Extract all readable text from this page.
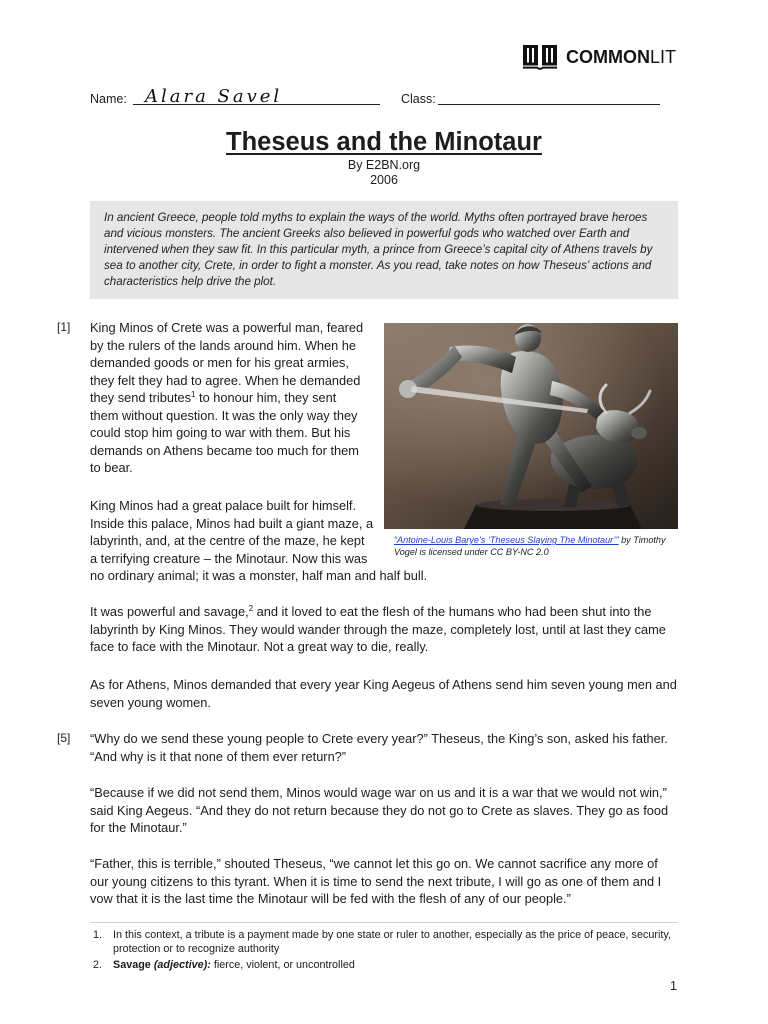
COMMONLIT
Name: Alara Savel	Class:
Theseus and the Minotaur
By E2BN.org
2006
In ancient Greece, people told myths to explain the ways of the world. Myths often portrayed brave heroes
and vicious monsters. The ancient Greeks also believed in powerful gods who watched over Earth and
intervened when they saw fit. In this particular myth, a prince from Greece’s capital city of Athens travels by
sea to another city, Crete, in order to fight a monster. As you read, take notes on how Theseus’ actions and
characteristics help drive the plot.
[1] King Minos of Crete was a powerful man, feared
by the rulers of the lands around him. When he
demanded goods or men for his great armies,
they felt they had to agree. When he demanded
they send tributes$^1$ to honour him, they sent
them without question. It was the only way they
could stop him going to war with them. But his
demands on Athens became too much for them
to bear.
“Antoine-Louis Barye’s ‘Theseus Slaying The Minotaur’” by Timothy
Vogel is licensed under CC BY-NC 2.0
King Minos had a great palace built for himself.
Inside this palace, Minos had built a giant maze, a
labyrinth, and, at the centre of the maze, he kept
a terrifying creature – the Minotaur. Now this was
no ordinary animal; it was a monster, half man and half bull.
It was powerful and savage,$^2$ and it loved to eat the flesh of the humans who had been shut into the
labyrinth by King Minos. They would wander through the maze, completely lost, until at last they came
face to face with the Minotaur. Not a great way to die, really.
As for Athens, Minos demanded that every year King Aegeus of Athens send him seven young men and
seven young women.
[5] “Why do we send these young people to Crete every year?” Theseus, the King’s son, asked his father.
“And why is it that none of them ever return?”
“Because if we did not send them, Minos would wage war on us and it is a war that we would not win,”
said King Aegeus. “And they do not return because they do not go to Crete as slaves. They go as food
for the Minotaur.”
“Father, this is terrible,” shouted Theseus, “we cannot let this go on. We cannot sacrifice any more of
our young citizens to this tyrant. When it is time to send the next tribute, I will go as one of them and I
vow that it is the last time the Minotaur will be fed with the flesh of any of our people.”
1. In this context, a tribute is a payment made by one state or ruler to another, especially as the price of peace, security,
protection or to recognize authority
2. Savage (adjective): fierce, violent, or uncontrolled
1
